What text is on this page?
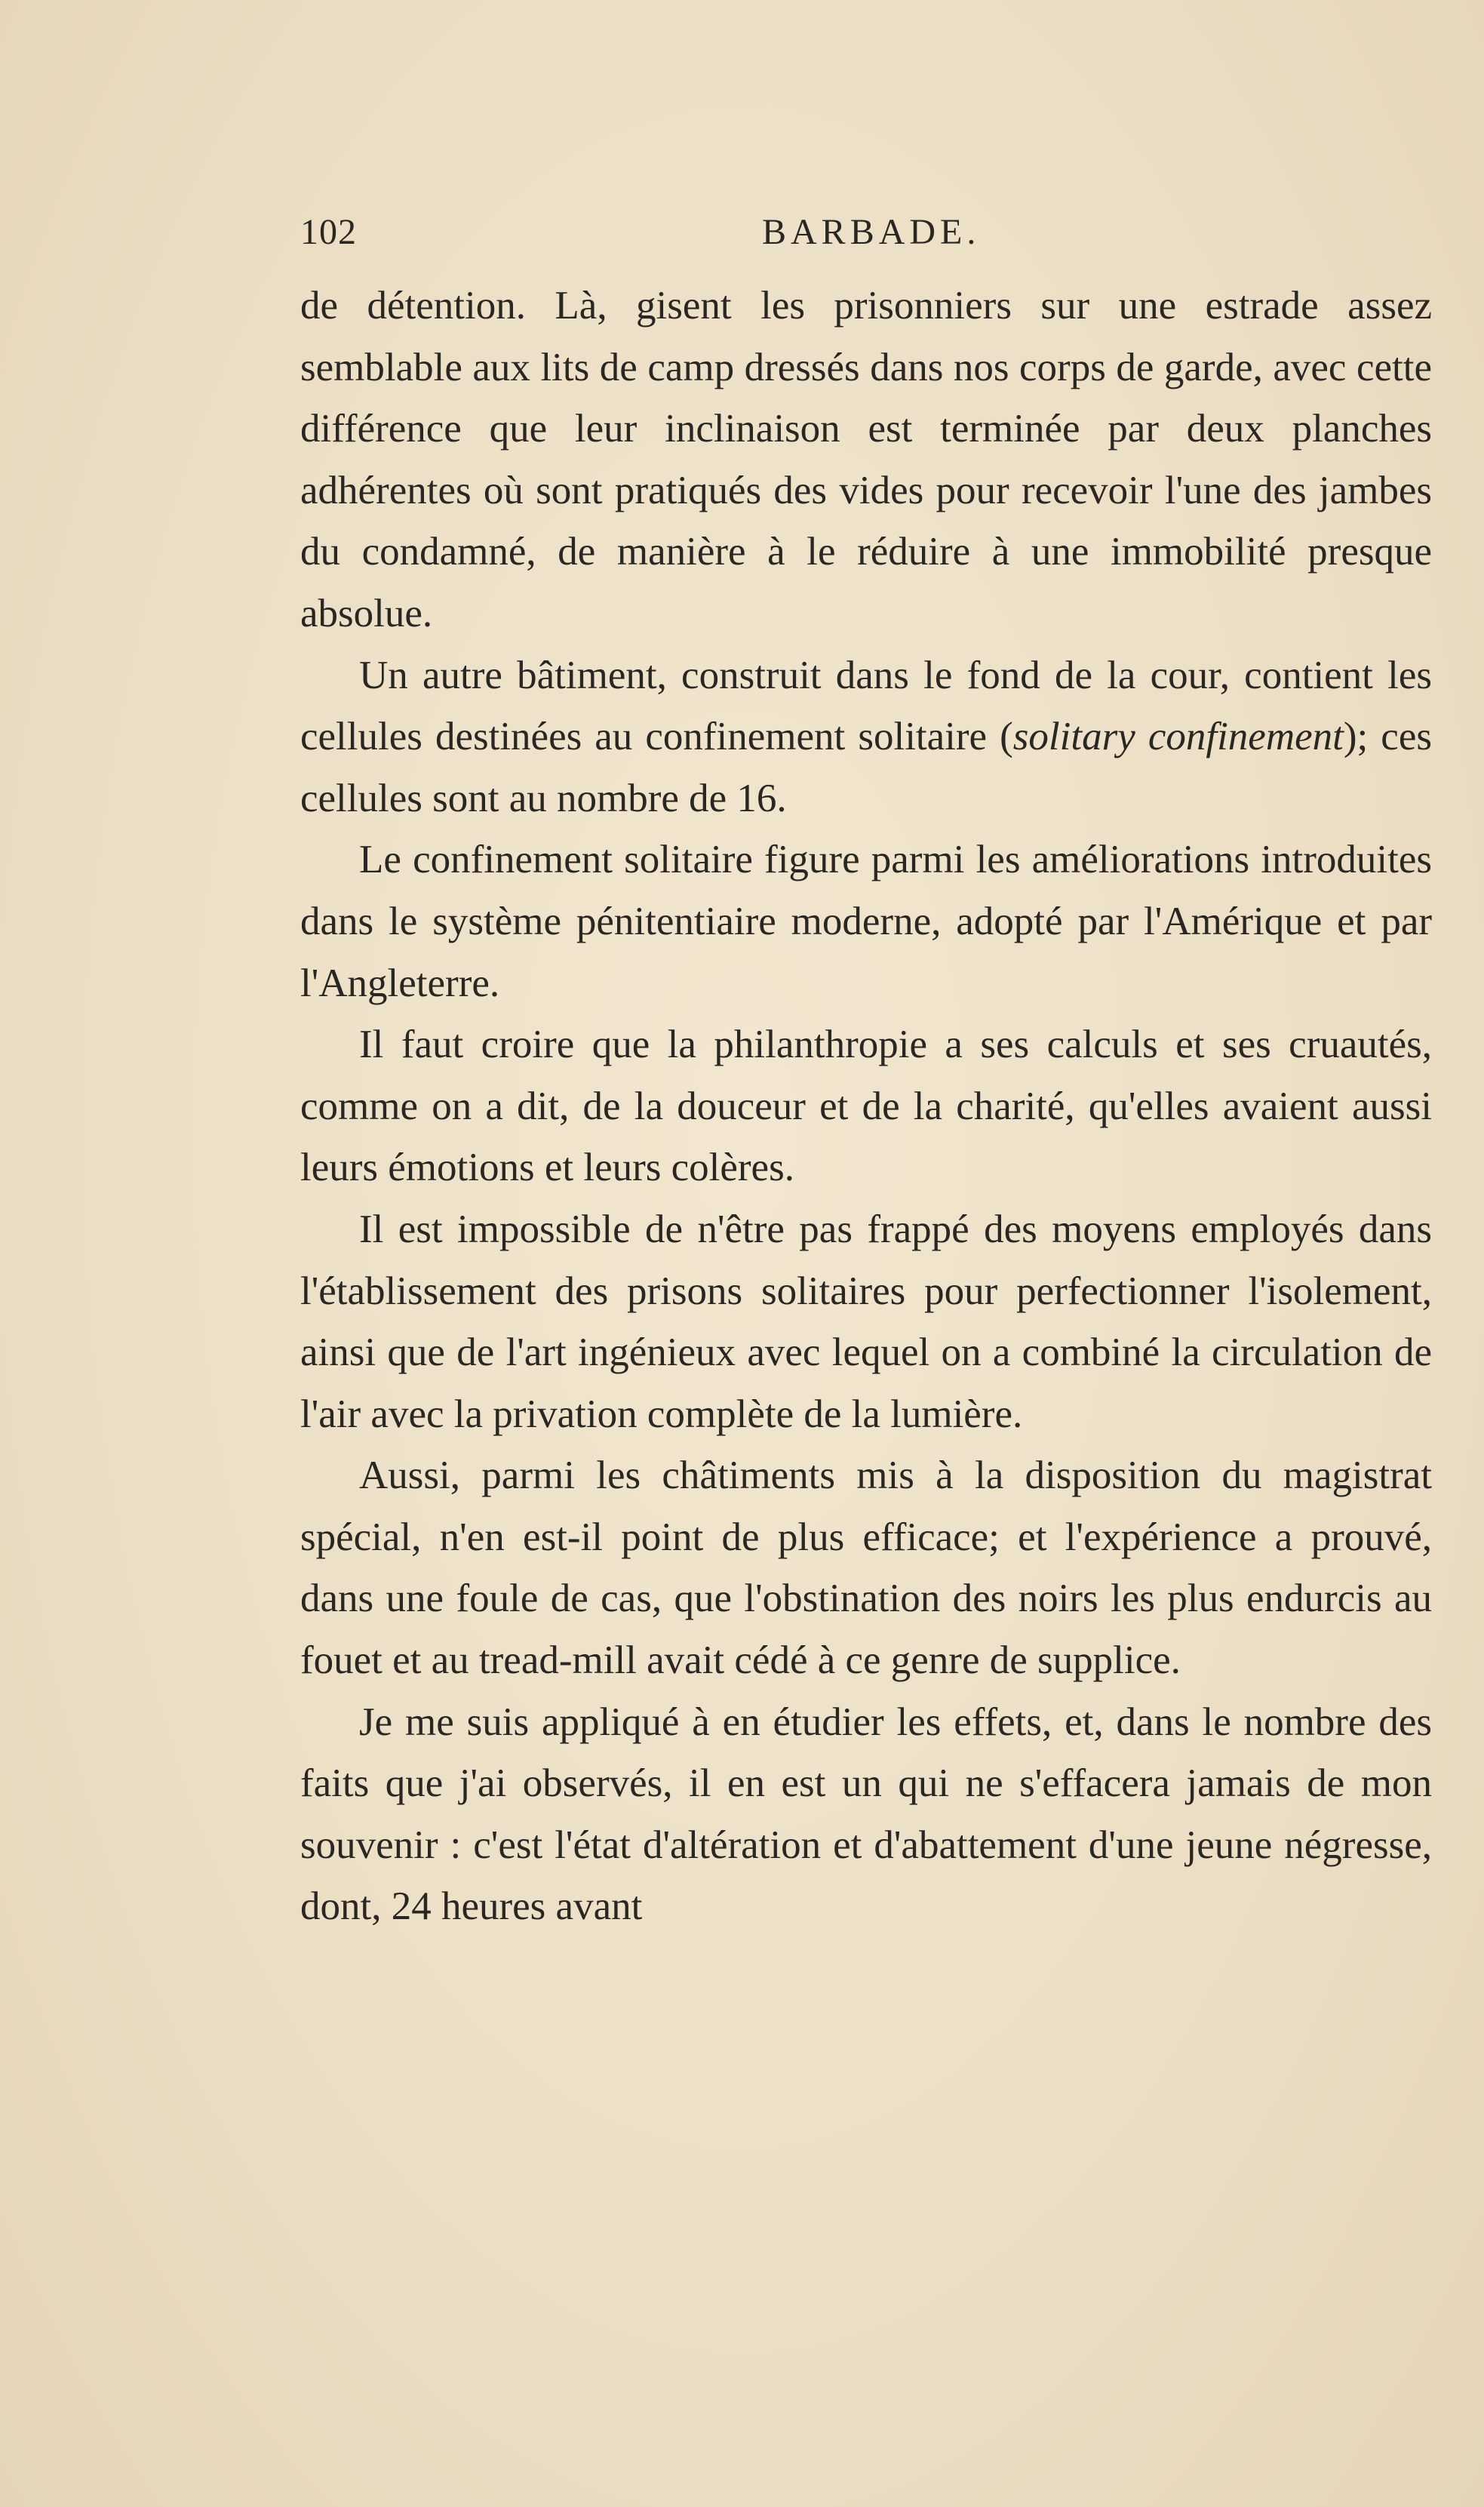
102	BARBADE.

de détention. Là, gisent les prisonniers sur une estrade assez semblable aux lits de camp dressés dans nos corps de garde, avec cette différence que leur inclinaison est terminée par deux planches adhérentes où sont pratiqués des vides pour recevoir l'une des jambes du condamné, de manière à le réduire à une immobilité presque absolue.

Un autre bâtiment, construit dans le fond de la cour, contient les cellules destinées au confinement solitaire (solitary confinement); ces cellules sont au nombre de 16.

Le confinement solitaire figure parmi les améliorations introduites dans le système pénitentiaire moderne, adopté par l'Amérique et par l'Angleterre.

Il faut croire que la philanthropie a ses calculs et ses cruautés, comme on a dit, de la douceur et de la charité, qu'elles avaient aussi leurs émotions et leurs colères.

Il est impossible de n'être pas frappé des moyens employés dans l'établissement des prisons solitaires pour perfectionner l'isolement, ainsi que de l'art ingénieux avec lequel on a combiné la circulation de l'air avec la privation complète de la lumière.

Aussi, parmi les châtiments mis à la disposition du magistrat spécial, n'en est-il point de plus efficace; et l'expérience a prouvé, dans une foule de cas, que l'obstination des noirs les plus endurcis au fouet et au tread-mill avait cédé à ce genre de supplice.

Je me suis appliqué à en étudier les effets, et, dans le nombre des faits que j'ai observés, il en est un qui ne s'effacera jamais de mon souvenir : c'est l'état d'altération et d'abattement d'une jeune négresse, dont, 24 heures avant
